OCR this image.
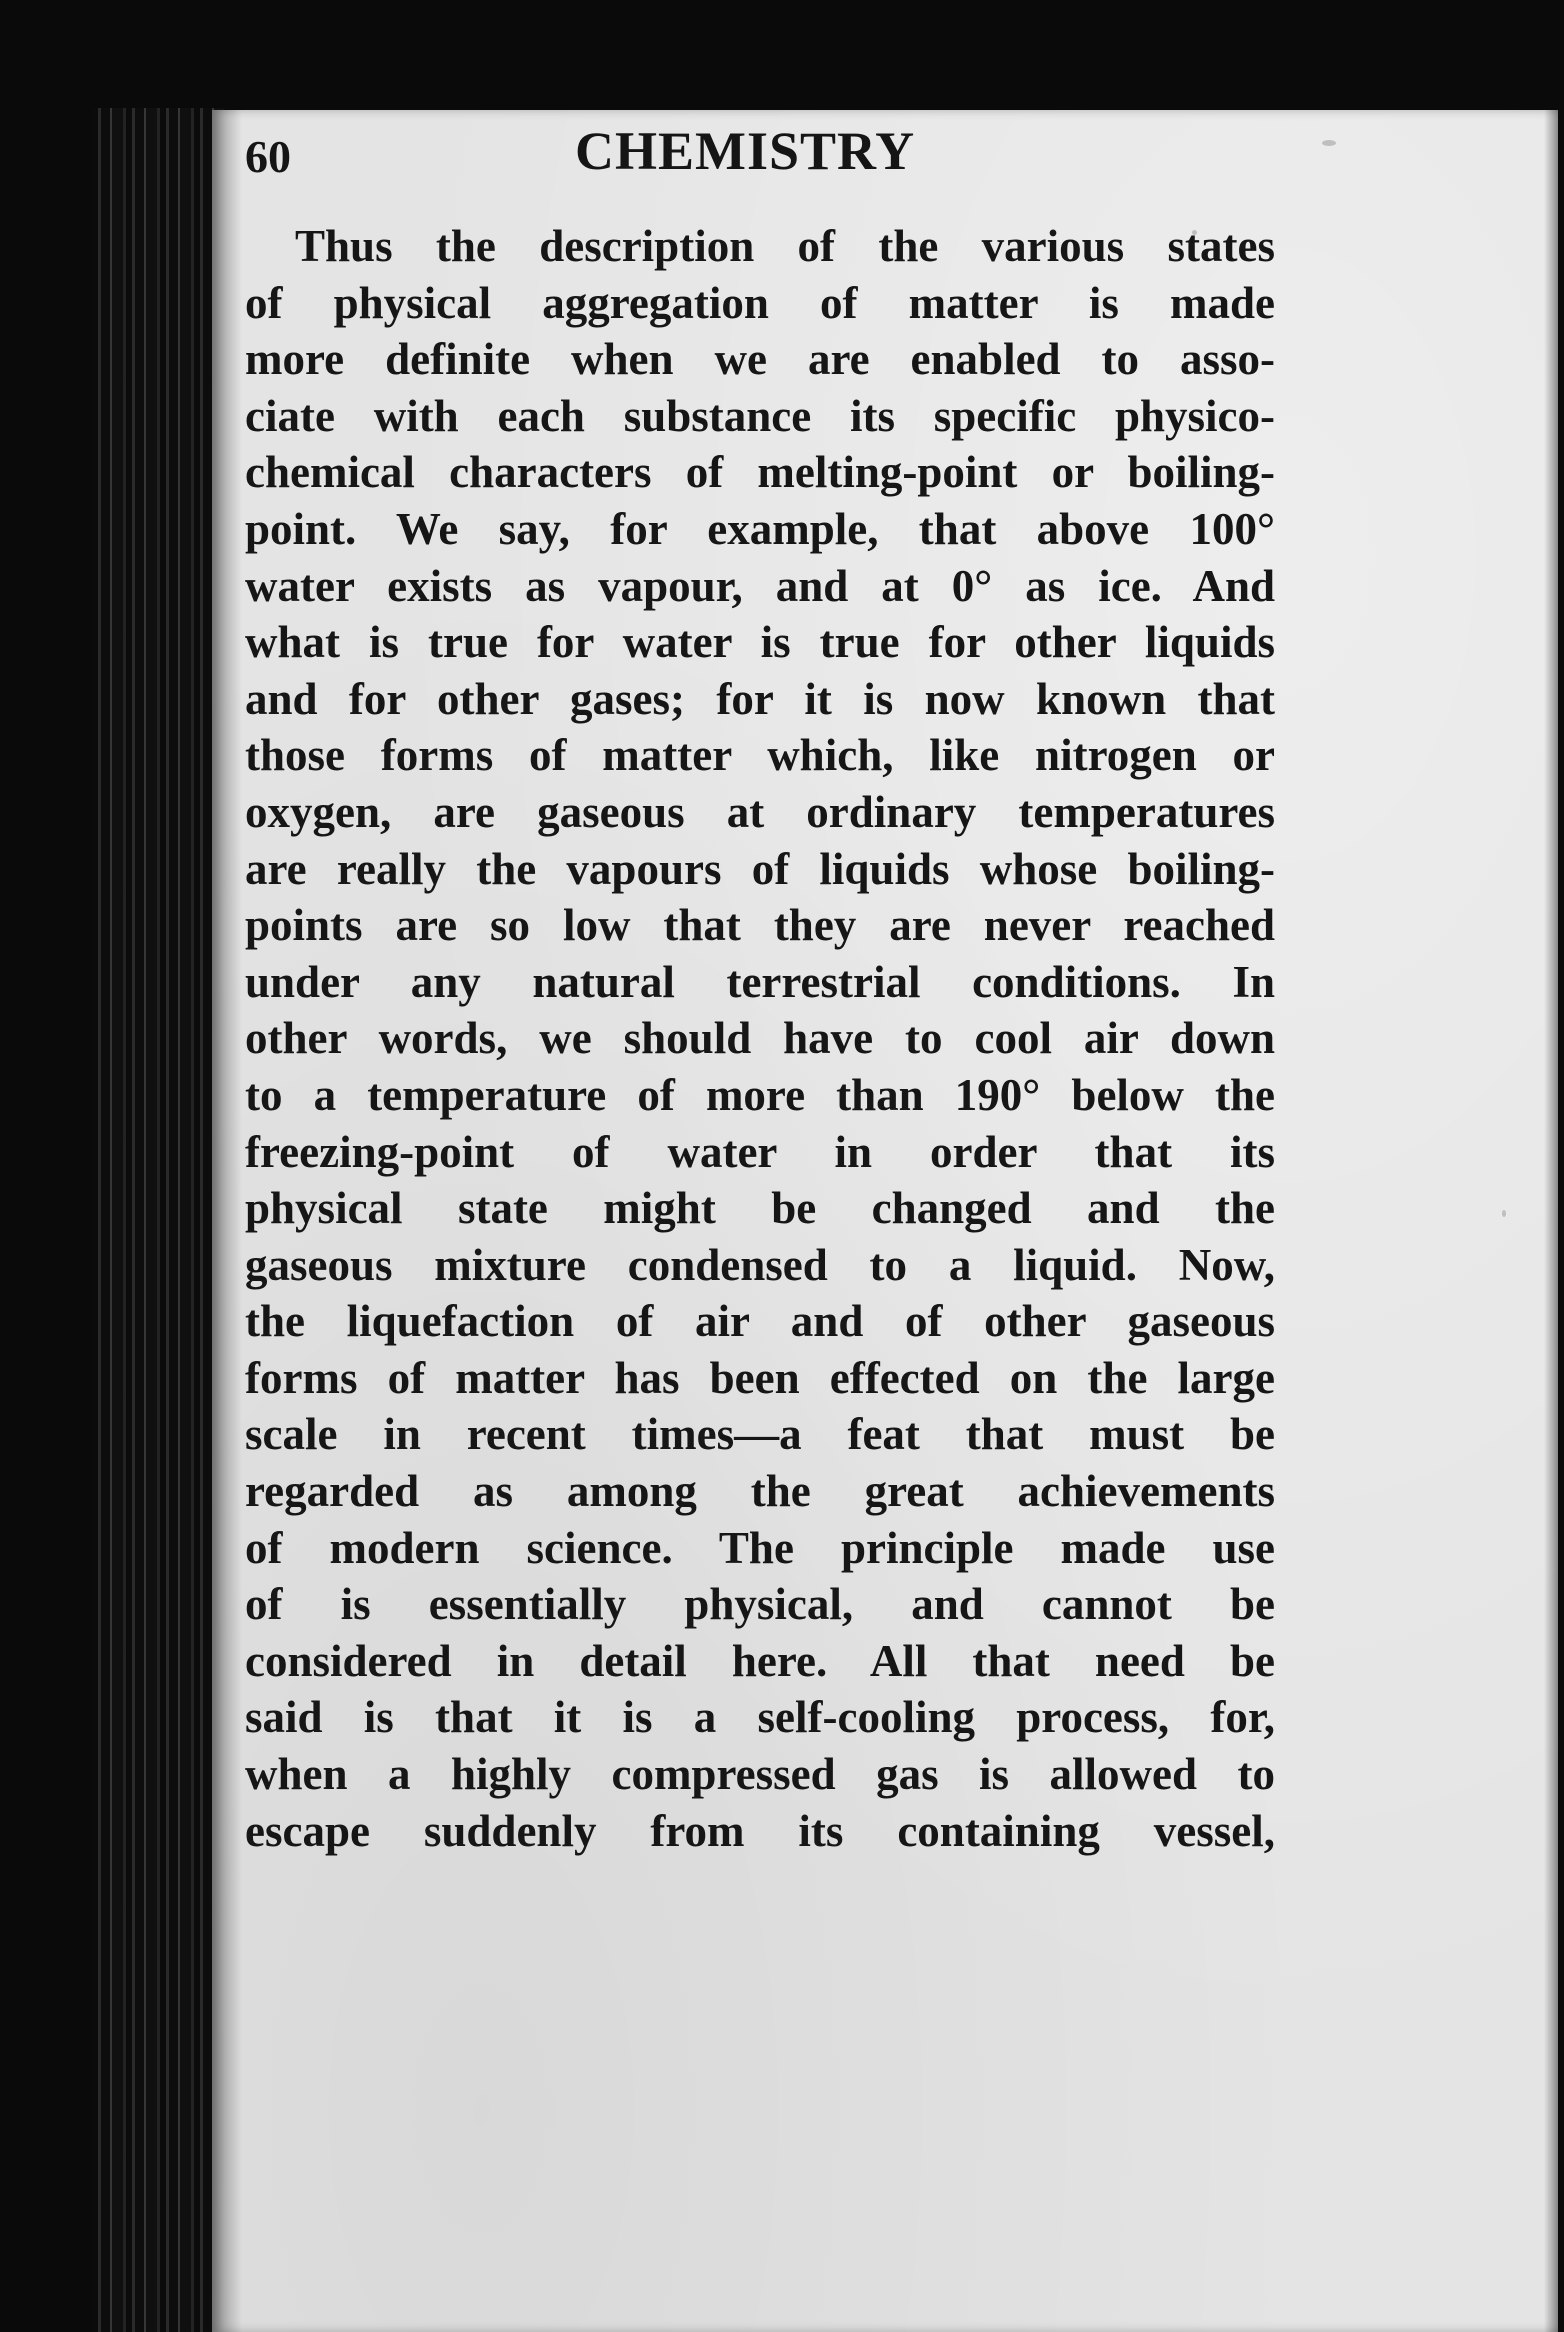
60	CHEMISTRY
Thus the description of the various states
of physical aggregation of matter is made
more definite when we are enabled to asso-
ciate with each substance its specific physico-
chemical characters of melting-point or boiling-
point. We say, for example, that above 100°
water exists as vapour, and at 0° as ice. And
what is true for water is true for other liquids
and for other gases; for it is now known that
those forms of matter which, like nitrogen or
oxygen, are gaseous at ordinary temperatures
are really the vapours of liquids whose boiling-
points are so low that they are never reached
under any natural terrestrial conditions. In
other words, we should have to cool air down
to a temperature of more than 190° below the
freezing-point of water in order that its
physical state might be changed and the
gaseous mixture condensed to a liquid. Now,
the liquefaction of air and of other gaseous
forms of matter has been effected on the large
scale in recent times—a feat that must be
regarded as among the great achievements
of modern science. The principle made use
of is essentially physical, and cannot be
considered in detail here. All that need be
said is that it is a self-cooling process, for,
when a highly compressed gas is allowed to
escape suddenly from its containing vessel,
